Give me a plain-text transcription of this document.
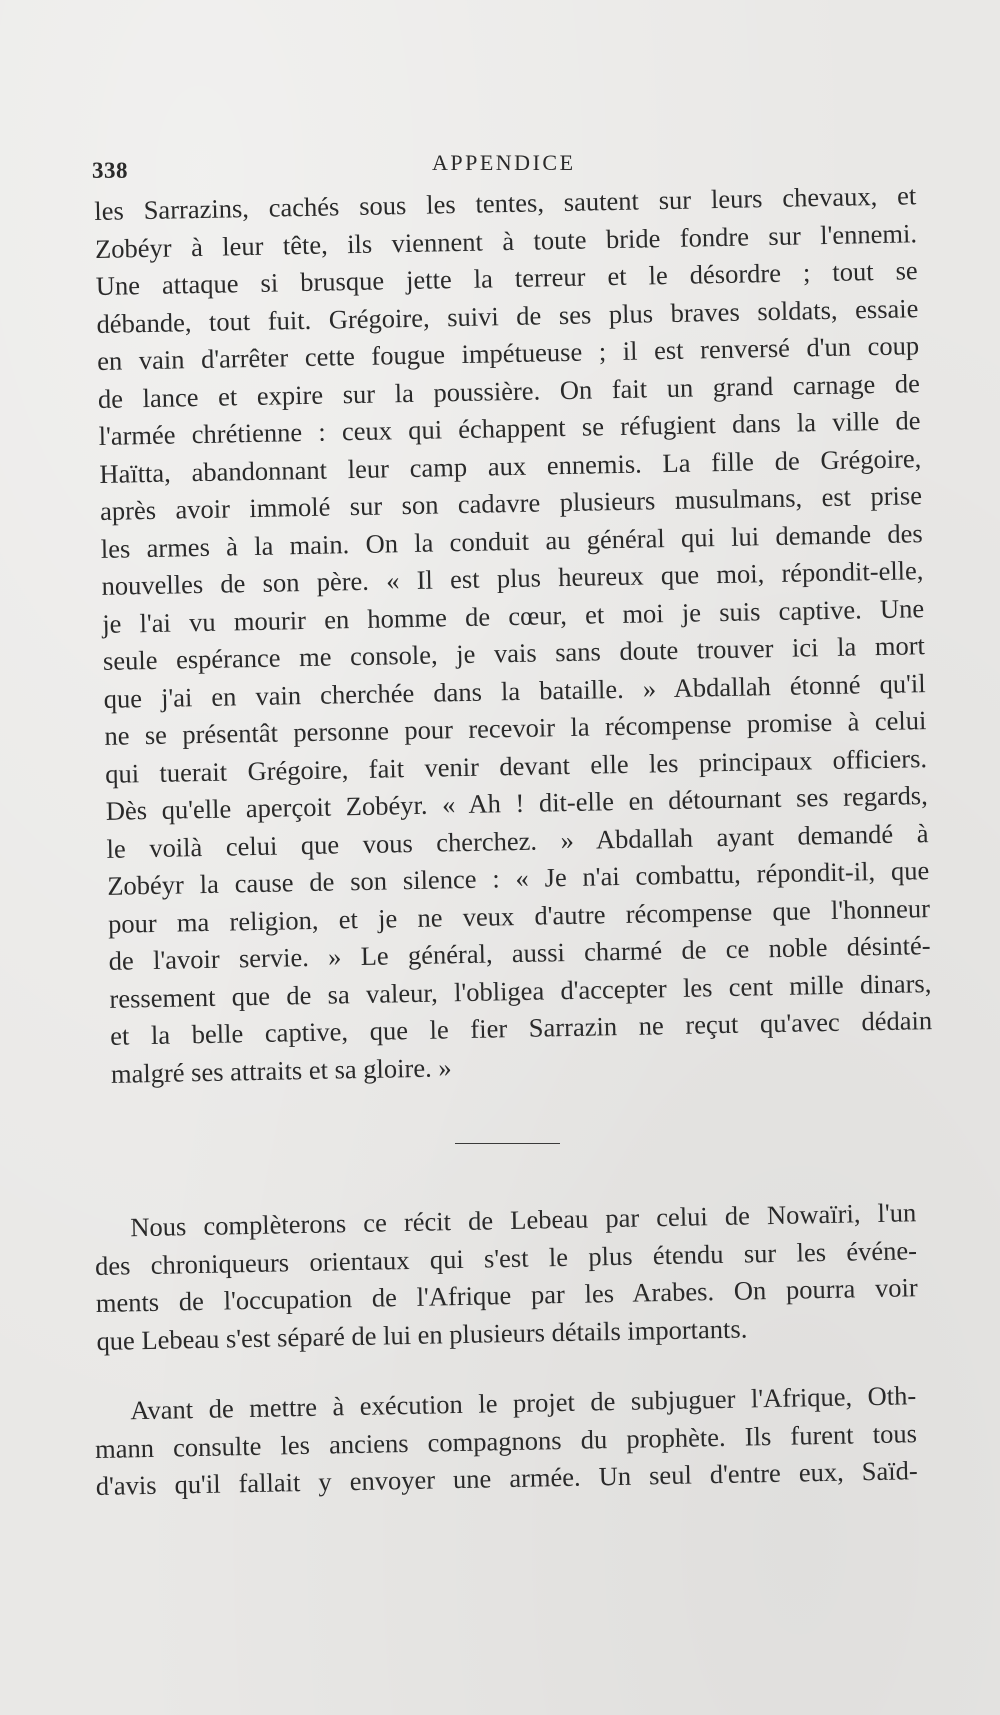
338	APPENDICE
les Sarrazins, cachés sous les tentes, sautent sur leurs chevaux, et
Zobéyr à leur tête, ils viennent à toute bride fondre sur l'ennemi.
Une attaque si brusque jette la terreur et le désordre ; tout se
débande, tout fuit. Grégoire, suivi de ses plus braves soldats, essaie
en vain d'arrêter cette fougue impétueuse ; il est renversé d'un coup
de lance et expire sur la poussière. On fait un grand carnage de
l'armée chrétienne : ceux qui échappent se réfugient dans la ville de
Haïtta, abandonnant leur camp aux ennemis. La fille de Grégoire,
après avoir immolé sur son cadavre plusieurs musulmans, est prise
les armes à la main. On la conduit au général qui lui demande des
nouvelles de son père. « Il est plus heureux que moi, répondit-elle,
je l'ai vu mourir en homme de cœur, et moi je suis captive. Une
seule espérance me console, je vais sans doute trouver ici la mort
que j'ai en vain cherchée dans la bataille. » Abdallah étonné qu'il
ne se présentât personne pour recevoir la récompense promise à celui
qui tuerait Grégoire, fait venir devant elle les principaux officiers.
Dès qu'elle aperçoit Zobéyr. « Ah ! dit-elle en détournant ses regards,
le voilà celui que vous cherchez. » Abdallah ayant demandé à
Zobéyr la cause de son silence : « Je n'ai combattu, répondit-il, que
pour ma religion, et je ne veux d'autre récompense que l'honneur
de l'avoir servie. » Le général, aussi charmé de ce noble désinté-
ressement que de sa valeur, l'obligea d'accepter les cent mille dinars,
et la belle captive, que le fier Sarrazin ne reçut qu'avec dédain
malgré ses attraits et sa gloire. »
Nous complèterons ce récit de Lebeau par celui de Nowaïri, l'un
des chroniqueurs orientaux qui s'est le plus étendu sur les événe-
ments de l'occupation de l'Afrique par les Arabes. On pourra voir
que Lebeau s'est séparé de lui en plusieurs détails importants.
Avant de mettre à exécution le projet de subjuguer l'Afrique, Oth-
mann consulte les anciens compagnons du prophète. Ils furent tous
d'avis qu'il fallait y envoyer une armée. Un seul d'entre eux, Saïd-
